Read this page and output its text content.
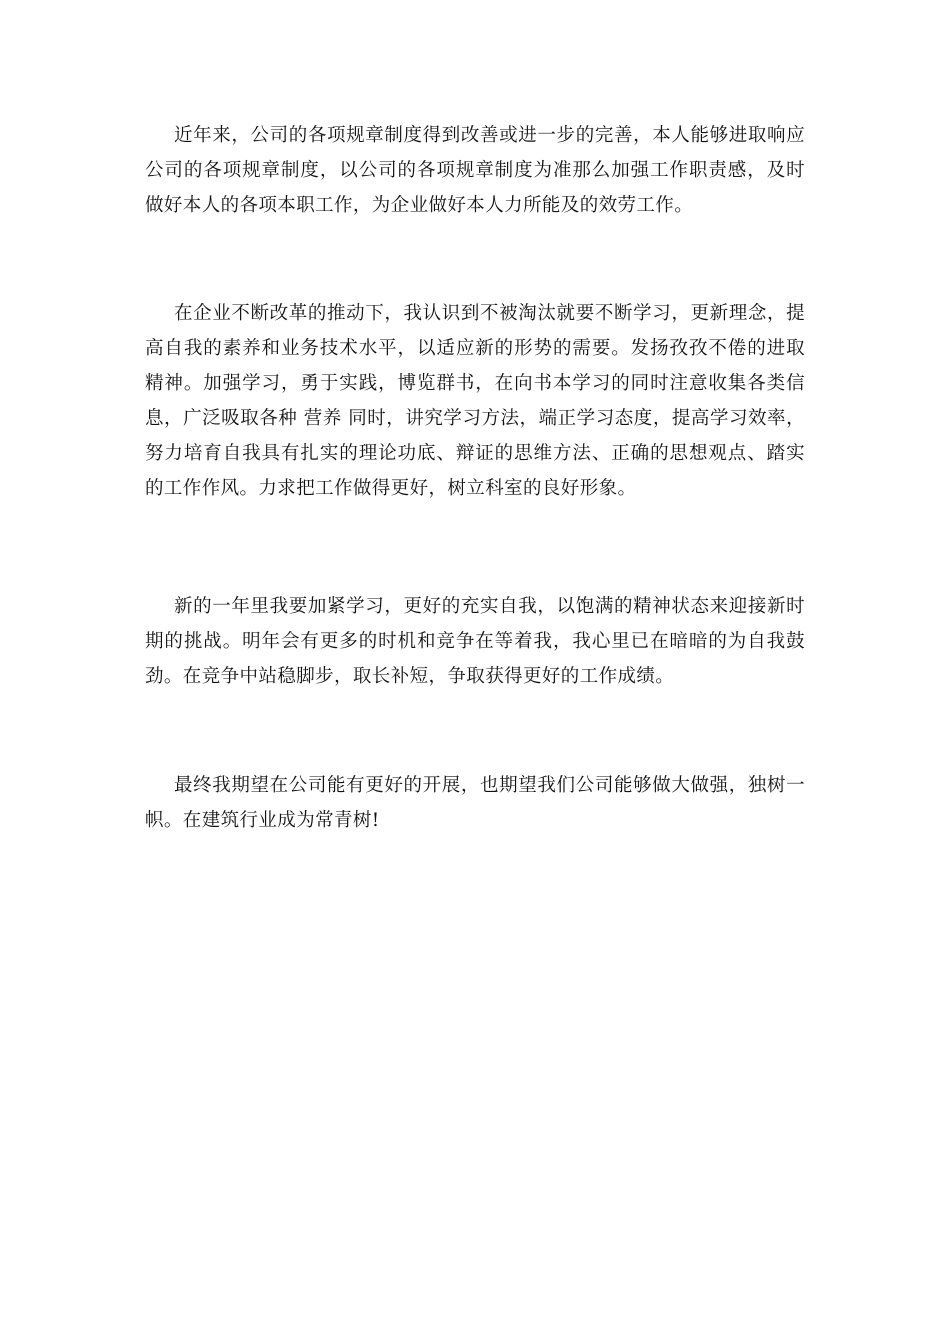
近年来，公司的各项规章制度得到改善或进一步的完善，本人能够进取响应公司的各项规章制度，以公司的各项规章制度为准那么加强工作职责感，及时做好本人的各项本职工作，为企业做好本人力所能及的效劳工作。

在企业不断改革的推动下，我认识到不被淘汰就要不断学习，更新理念，提高自我的素养和业务技术水平，以适应新的形势的需要。发扬孜孜不倦的进取精神。加强学习，勇于实践，博览群书，在向书本学习的同时注意收集各类信息，广泛吸取各种 营养 同时，讲究学习方法，端正学习态度，提高学习效率，努力培育自我具有扎实的理论功底、辩证的思维方法、正确的思想观点、踏实的工作作风。力求把工作做得更好，树立科室的良好形象。

新的一年里我要加紧学习，更好的充实自我，以饱满的精神状态来迎接新时期的挑战。明年会有更多的时机和竞争在等着我，我心里已在暗暗的为自我鼓劲。在竞争中站稳脚步，取长补短，争取获得更好的工作成绩。

最终我期望在公司能有更好的开展，也期望我们公司能够做大做强，独树一帜。在建筑行业成为常青树!
